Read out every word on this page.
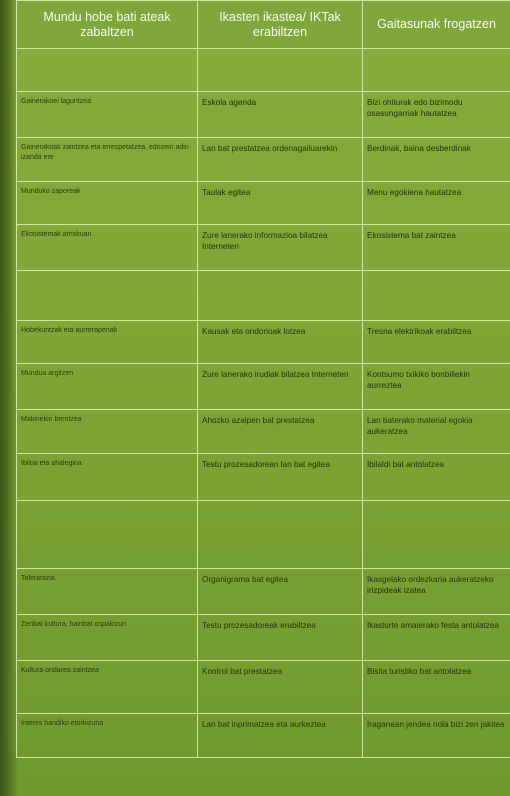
Mundu hobe bati ateak zabaltzen	Ikasten ikastea/ IKTak erabiltzen	Gaitasunak frogatzen

Gainerakoei laguntzea	Eskola agenda	Bizi ohiturak edo bizimodu osasungarriak hautatzea
Gainerakoak zaintzea eta errespetatzea, edozein adin izanda ere	Lan bat prestatzea ordenagailuarekin	Berdinak, baina desberdinak
Munduko zaporeak	Taulak egitea	Menu egokiena hautatzea
Ekosistemak arriskuan	Zure lanerako informazioa bilatzea Interneten	Ekosistema bat zaintzea

Hobekuntzak eta aurrerapenak	Kausak eta ondorioak lotzea	Tresna elektrikoak erabiltzea
Mundua argitzen	Zure lanerako irudiak bilatzea Interneten	Kontsumo txikiko bonbillekin aurreztea
Makinekin berritzea	Ahozko azalpen bat prestatzea	Lan baterako material egokia aukeratzea
Ibiloa eta ahalegina	Testu prozesadorean lan bat egitea	Ibilaldi bat antolatzea

Tolerantzia	Organigrama bat egitea	Ikasgelako ordezkaria aukeratzeko irizpideak izatea
Zenbat kultura, hainbat ospakizun	Testu prozesadoreak erabiltzea	Ikasturte amaierako festa antolatzea
Kultura ondarea zaintzea	Kontrol bat prestatzea	Bisita turistiko bat antolatzea
Interes handiko etorkizuna	Lan bat inprimatzea eta aurkeztea	Iraganean jendea nola bizi zen jakitea
